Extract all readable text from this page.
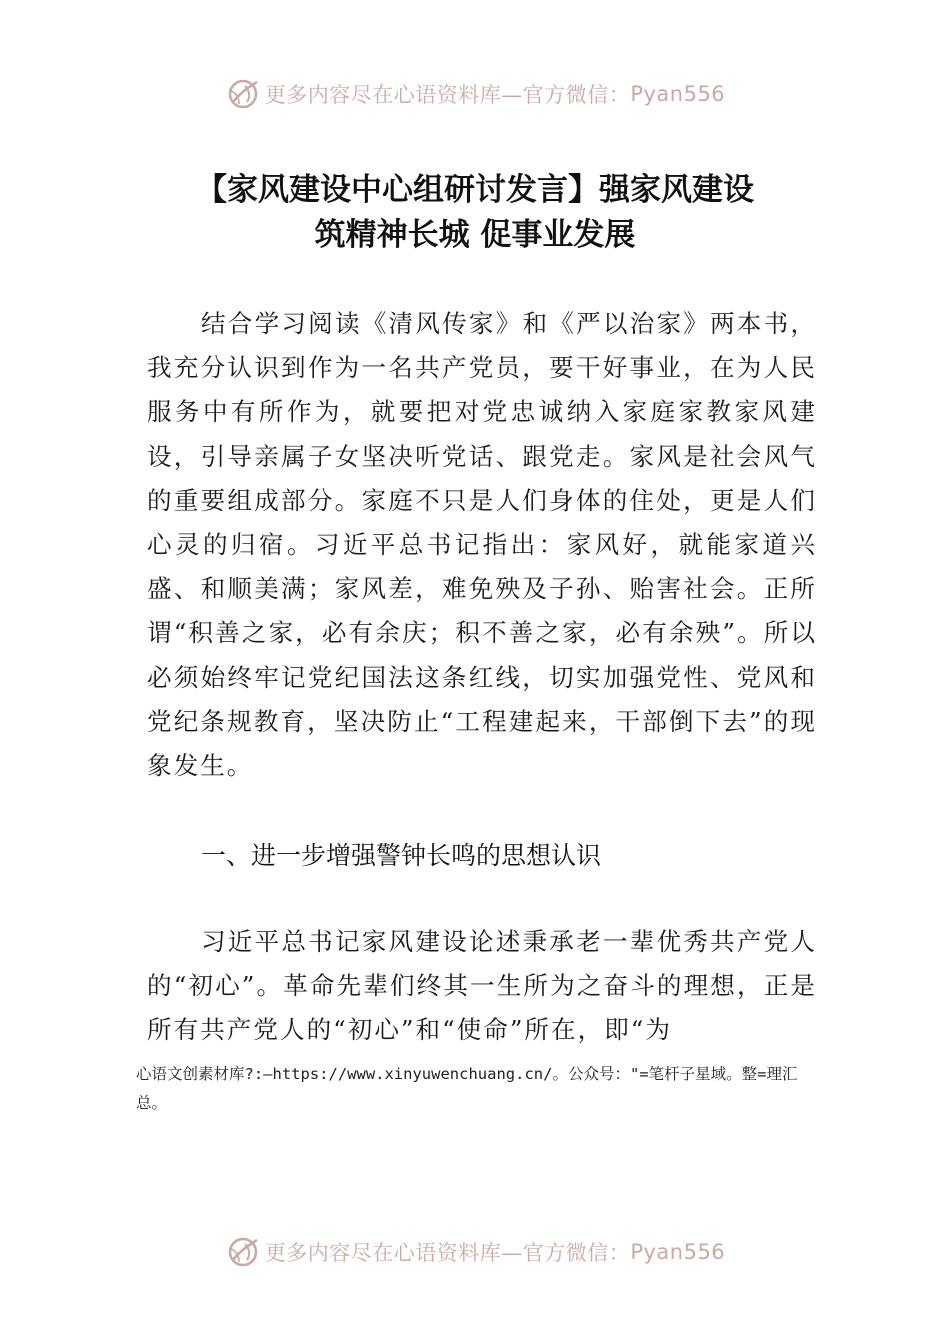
更多内容尽在心语资料库—官方微信： Pyan556
【家风建设中心组研讨发言】强家风建设
筑精神长城 促事业发展

结合学习阅读《清风传家》和《严以治家》两本书，我充分认识到作为一名共产党员，要干好事业，在为人民服务中有所作为，就要把对党忠诚纳入家庭家教家风建设，引导亲属子女坚决听党话、跟党走。家风是社会风气的重要组成部分。家庭不只是人们身体的住处，更是人们心灵的归宿。习近平总书记指出：家风好，就能家道兴盛、和顺美满；家风差，难免殃及子孙、贻害社会。正所谓“积善之家，必有余庆；积不善之家，必有余殃”。所以必须始终牢记党纪国法这条红线，切实加强党性、党风和党纪条规教育，坚决防止“工程建起来，干部倒下去”的现象发生。

一、进一步增强警钟长鸣的思想认识

习近平总书记家风建设论述秉承老一辈优秀共产党人的“初心”。革命先辈们终其一生所为之奋斗的理想，正是所有共产党人的“初心”和“使命”所在，即“为

心语文创素材库?:—https://www.xinyuwenchuang.cn/。公众号："=笔杆子星域。整=理汇总。
更多内容尽在心语资料库—官方微信： Pyan556
